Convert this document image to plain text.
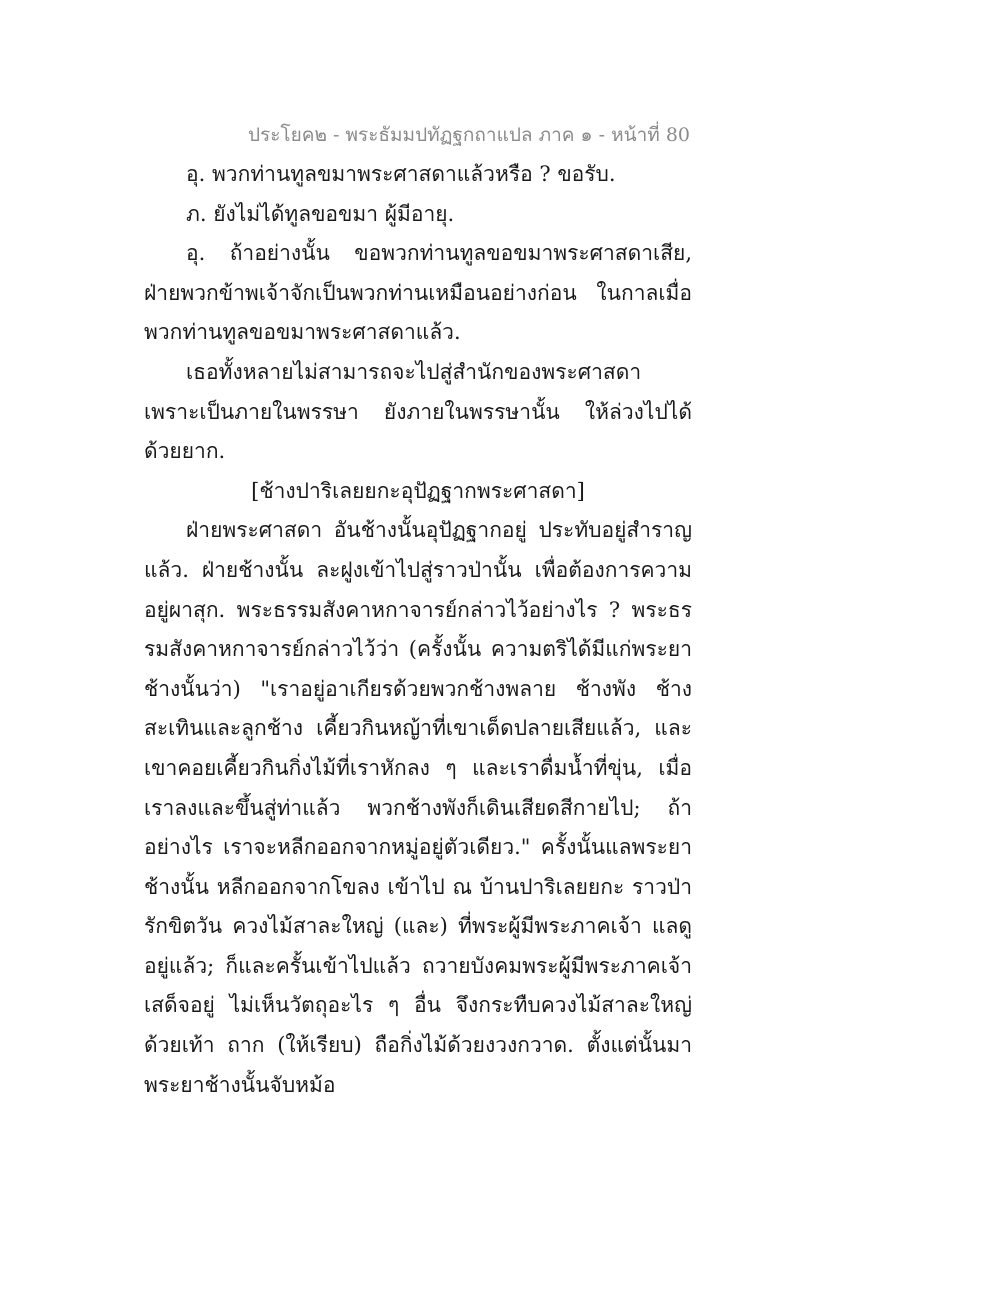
ประโยค๒ - พระธัมมปทัฏฐกถาแปล ภาค ๑ - หน้าที่ 80

อุ. พวกท่านทูลขมาพระศาสดาแล้วหรือ ? ขอรับ.

ภ. ยังไม่ได้ทูลขอขมา ผู้มีอายุ.

อุ. ถ้าอย่างนั้น ขอพวกท่านทูลขอขมาพระศาสดาเสีย, ฝ่ายพวกข้าพเจ้าจักเป็นพวกท่านเหมือนอย่างก่อน ในกาลเมื่อพวกท่านทูลขอขมาพระศาสดาแล้ว.

เธอทั้งหลายไม่สามารถจะไปสู่สำนักของพระศาสดา เพราะเป็นภายในพรรษา ยังภายในพรรษานั้น ให้ล่วงไปได้ด้วยยาก.

[ช้างปาริเลยยกะอุปัฏฐากพระศาสดา]

ฝ่ายพระศาสดา อันช้างนั้นอุปัฏฐากอยู่ ประทับอยู่สำราญแล้ว. ฝ่ายช้างนั้น ละฝูงเข้าไปสู่ราวป่านั้น เพื่อต้องการความอยู่ผาสุก. พระธรรมสังคาหกาจารย์กล่าวไว้อย่างไร ? พระธรรมสังคาหกาจารย์กล่าวไว้ว่า (ครั้งนั้น ความตริได้มีแก่พระยาช้างนั้นว่า) "เราอยู่อาเกียรด้วยพวกช้างพลาย ช้างพัง ช้างสะเทินและลูกช้าง เคี้ยวกินหญ้าที่เขาเด็ดปลายเสียแล้ว, และเขาคอยเคี้ยวกินกิ่งไม้ที่เราหักลง ๆ และเราดื่มน้ำที่ขุ่น, เมื่อเราลงและขึ้นสู่ท่าแล้ว พวกช้างพังก็เดินเสียดสีกายไป; ถ้าอย่างไร เราจะหลีกออกจากหมู่อยู่ตัวเดียว." ครั้งนั้นแลพระยาช้างนั้น หลีกออกจากโขลง เข้าไป ณ บ้านปาริเลยยกะ ราวป่ารักขิตวัน ควงไม้สาละใหญ่ (และ) ที่พระผู้มีพระภาคเจ้า แลดูอยู่แล้ว; ก็และครั้นเข้าไปแล้ว ถวายบังคมพระผู้มีพระภาคเจ้าเสด็จอยู่ ไม่เห็นวัตถุอะไร ๆ อื่น จึงกระทืบควงไม้สาละใหญ่ด้วยเท้า ถาก (ให้เรียบ) ถือกิ่งไม้ด้วยงวงกวาด. ตั้งแต่นั้นมา พระยาช้างนั้นจับหม้อ
